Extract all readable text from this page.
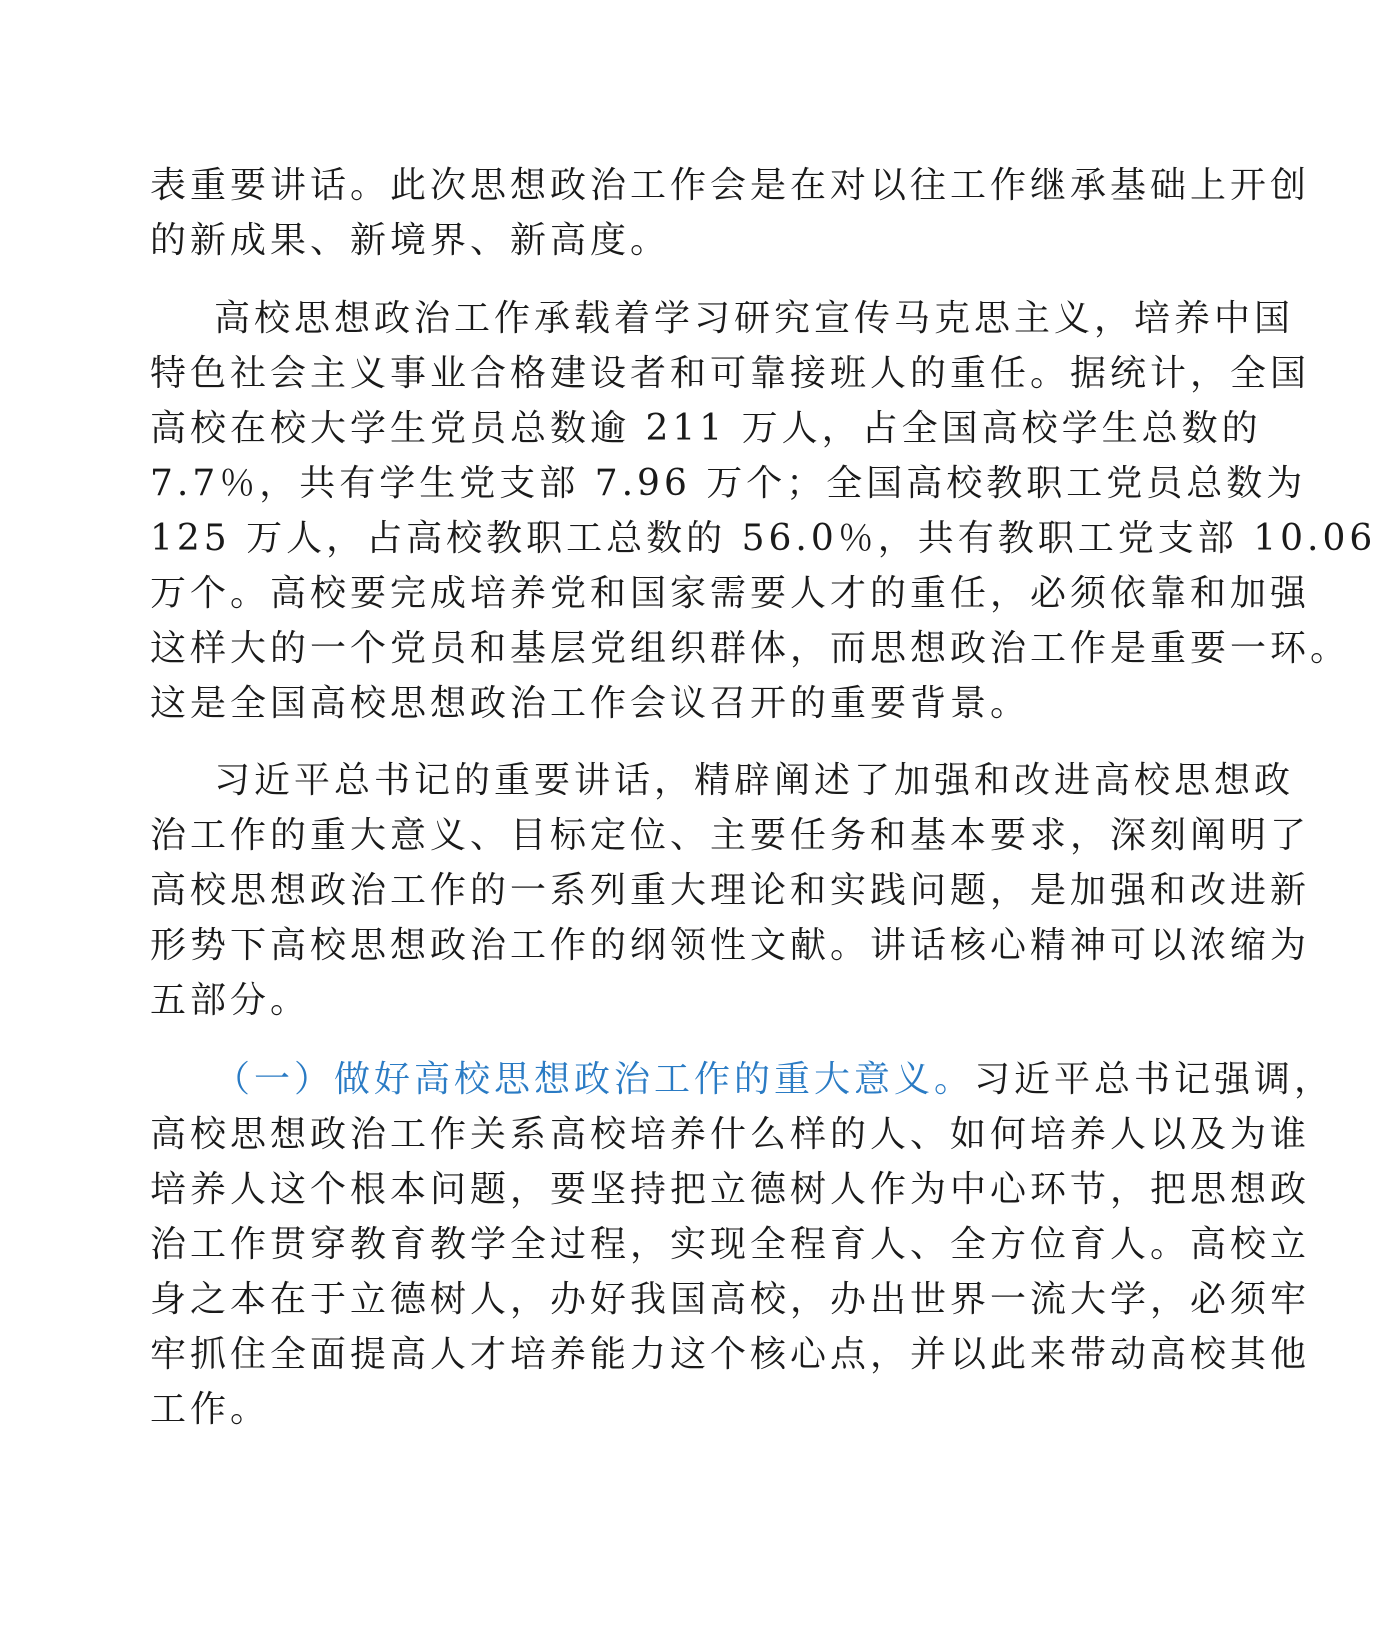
表重要讲话。此次思想政治工作会是在对以往工作继承基础上开创
的新成果、新境界、新高度。
高校思想政治工作承载着学习研究宣传马克思主义，培养中国
特色社会主义事业合格建设者和可靠接班人的重任。据统计，全国
高校在校大学生党员总数逾 211 万人，占全国高校学生总数的
7.7％，共有学生党支部 7.96 万个；全国高校教职工党员总数为
125 万人，占高校教职工总数的 56.0％，共有教职工党支部 10.06
万个。高校要完成培养党和国家需要人才的重任，必须依靠和加强
这样大的一个党员和基层党组织群体，而思想政治工作是重要一环。
这是全国高校思想政治工作会议召开的重要背景。
习近平总书记的重要讲话，精辟阐述了加强和改进高校思想政
治工作的重大意义、目标定位、主要任务和基本要求，深刻阐明了
高校思想政治工作的一系列重大理论和实践问题，是加强和改进新
形势下高校思想政治工作的纲领性文献。讲话核心精神可以浓缩为
五部分。
（一）做好高校思想政治工作的重大意义。习近平总书记强调，
高校思想政治工作关系高校培养什么样的人、如何培养人以及为谁
培养人这个根本问题，要坚持把立德树人作为中心环节，把思想政
治工作贯穿教育教学全过程，实现全程育人、全方位育人。高校立
身之本在于立德树人，办好我国高校，办出世界一流大学，必须牢
牢抓住全面提高人才培养能力这个核心点，并以此来带动高校其他
工作。
